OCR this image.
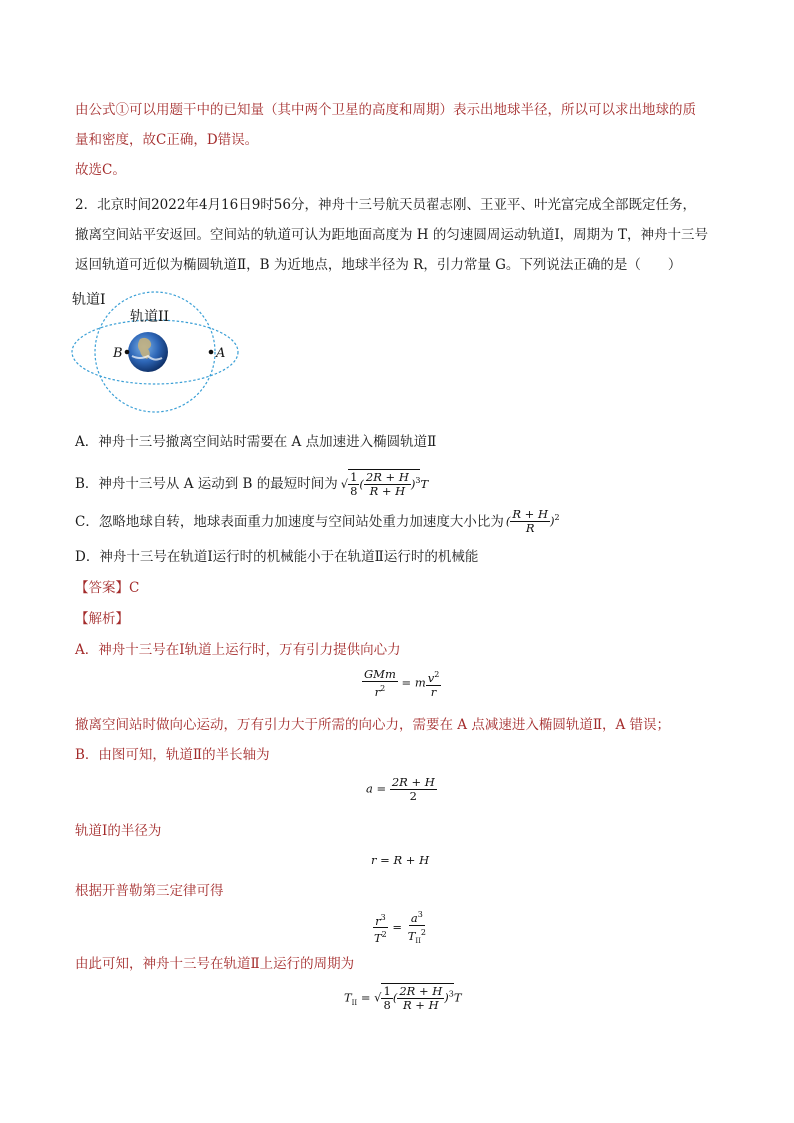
由公式①可以用题干中的已知量（其中两个卫星的高度和周期）表示出地球半径，所以可以求出地球的质
量和密度，故C正确，D错误。
故选C。
2．北京时间2022年4月16日9时56分，神舟十三号航天员翟志刚、王亚平、叶光富完成全部既定任务，
撤离空间站平安返回。空间站的轨道可认为距地面高度为 H 的匀速圆周运动轨道Ⅰ，周期为 T，神舟十三号
返回轨道可近似为椭圆轨道Ⅱ，B 为近地点，地球半径为 R，引力常量 G。下列说法正确的是（　　）
轨道I
轨道II
B	A
A．神舟十三号撤离空间站时需要在 A 点加速进入椭圆轨道Ⅱ
B．神舟十三号从 A 运动到 B 的最短时间为 √ $\frac{1}{8}$ ( $\frac{2R + H}{R + H} )^3T$
C．忽略地球自转，地球表面重力加速度与空间站处重力加速度大小比为 ( $\frac{R + H}{R} )^2$
D．神舟十三号在轨道Ⅰ运行时的机械能小于在轨道Ⅱ运行时的机械能
【答案】C
【解析】
A．神舟十三号在Ⅰ轨道上运行时，万有引力提供向心力
$\frac{\text{GMm}}{r^2} = m \frac{v^2}{r}$
撤离空间站时做向心运动，万有引力大于所需的向心力，需要在 A 点减速进入椭圆轨道Ⅱ，A 错误；
B．由图可知，轨道Ⅱ的半长轴为
$a = \frac{2R + H}{2}$
轨道Ⅰ的半径为
r = R + H
根据开普勒第三定律可得
$\frac{r^3}{T^2} = \frac{a^3}{T_{II}^2}$
由此可知，神舟十三号在轨道Ⅱ上运行的周期为
$T_{II}$ = √ $\frac{1}{8}$ ( $\frac{2R + H}{R + H} )^3T$
